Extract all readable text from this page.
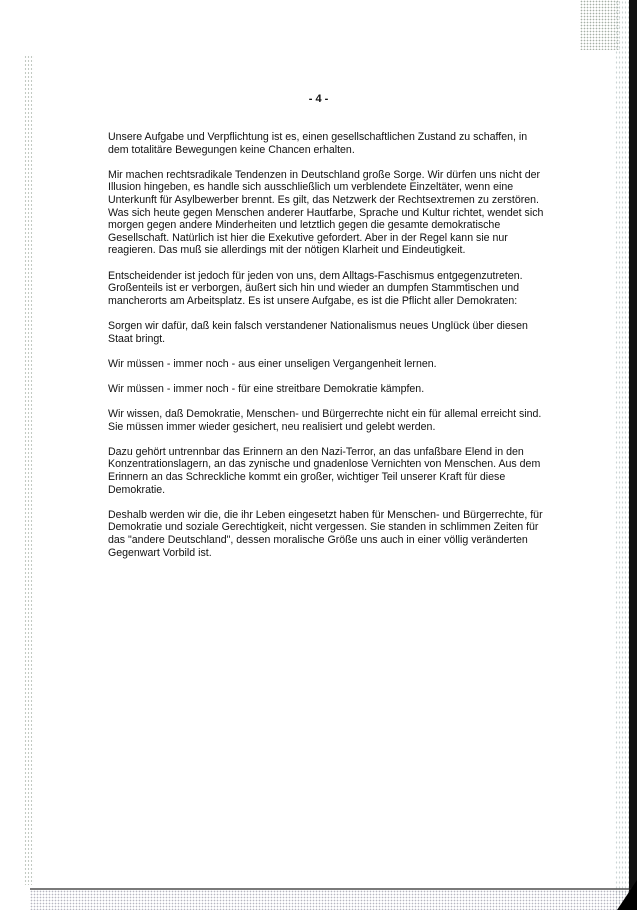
- 4 -

Unsere Aufgabe und Verpflichtung ist es, einen gesellschaftlichen Zustand zu schaffen, in dem totalitäre Bewegungen keine Chancen erhalten.

Mir machen rechtsradikale Tendenzen in Deutschland große Sorge. Wir dürfen uns nicht der Illusion hingeben, es handle sich ausschließlich um verblendete Einzeltäter, wenn eine Unterkunft für Asylbewerber brennt. Es gilt, das Netzwerk der Rechtsextremen zu zerstören. Was sich heute gegen Menschen anderer Hautfarbe, Sprache und Kultur richtet, wendet sich morgen gegen andere Minderheiten und letztlich gegen die gesamte demokratische Gesellschaft. Natürlich ist hier die Exekutive gefordert. Aber in der Regel kann sie nur reagieren. Das muß sie allerdings mit der nötigen Klarheit und Eindeutigkeit.

Entscheidender ist jedoch für jeden von uns, dem Alltags-Faschismus entgegenzutreten. Großenteils ist er verborgen, äußert sich hin und wieder an dumpfen Stammtischen und mancherorts am Arbeitsplatz. Es ist unsere Aufgabe, es ist die Pflicht aller Demokraten:

Sorgen wir dafür, daß kein falsch verstandener Nationalismus neues Unglück über diesen Staat bringt.

Wir müssen - immer noch - aus einer unseligen Vergangenheit lernen.

Wir müssen - immer noch - für eine streitbare Demokratie kämpfen.

Wir wissen, daß Demokratie, Menschen- und Bürgerrechte nicht ein für allemal erreicht sind. Sie müssen immer wieder gesichert, neu realisiert und gelebt werden.

Dazu gehört untrennbar das Erinnern an den Nazi-Terror, an das unfaßbare Elend in den Konzentrationslagern, an das zynische und gnadenlose Vernichten von Menschen. Aus dem Erinnern an das Schreckliche kommt ein großer, wichtiger Teil unserer Kraft für diese Demokratie.

Deshalb werden wir die, die ihr Leben eingesetzt haben für Menschen- und Bürgerrechte, für Demokratie und soziale Gerechtigkeit, nicht vergessen. Sie standen in schlimmen Zeiten für das "andere Deutschland", dessen moralische Größe uns auch in einer völlig veränderten Gegenwart Vorbild ist.
